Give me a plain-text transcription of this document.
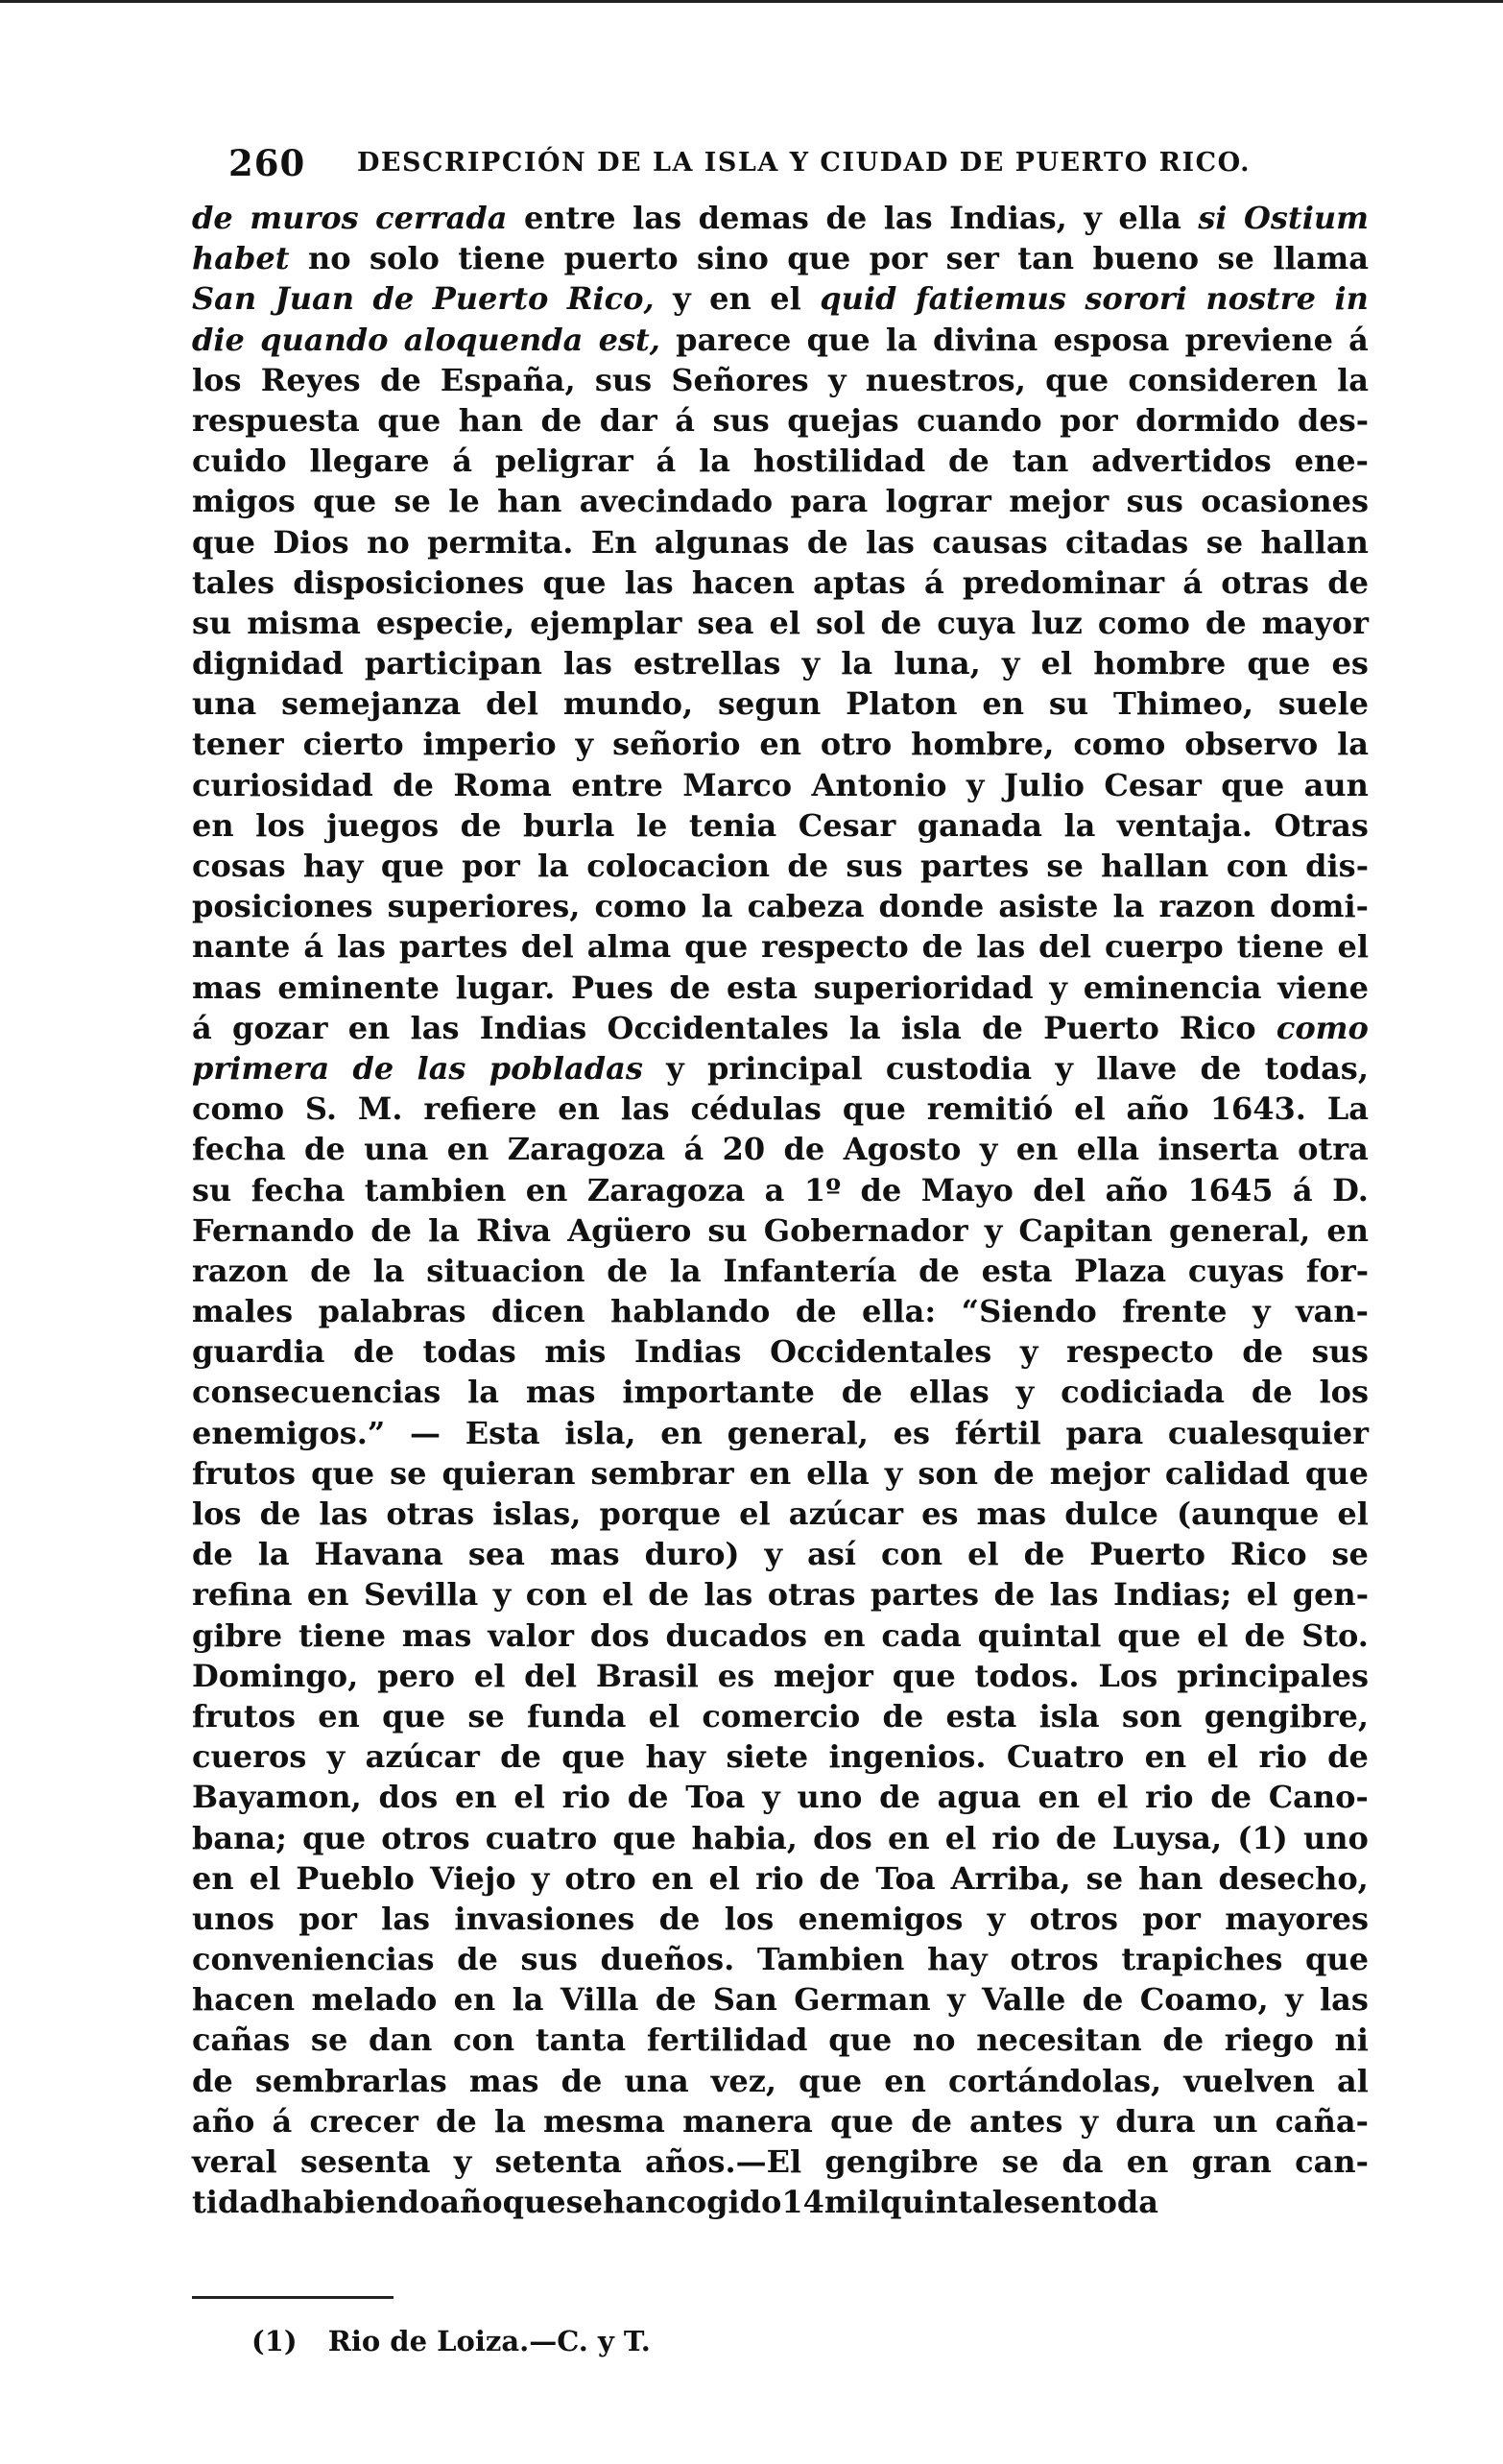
260 DESCRIPCIÓN DE LA ISLA Y CIUDAD DE PUERTO RICO.
de muros cerrada entre las demas de las Indias, y ella si Ostium
habet no solo tiene puerto sino que por ser tan bueno se llama
San Juan de Puerto Rico, y en el quid fatiemus sorori nostre in
die quando aloquenda est, parece que la divina esposa previene á
los Reyes de España, sus Señores y nuestros, que consideren la
respuesta que han de dar á sus quejas cuando por dormido des-
cuido llegare á peligrar á la hostilidad de tan advertidos ene-
migos que se le han avecindado para lograr mejor sus ocasiones
que Dios no permita. En algunas de las causas citadas se hallan
tales disposiciones que las hacen aptas á predominar á otras de
su misma especie, ejemplar sea el sol de cuya luz como de mayor
dignidad participan las estrellas y la luna, y el hombre que es
una semejanza del mundo, segun Platon en su Thimeo, suele
tener cierto imperio y señorio en otro hombre, como observo la
curiosidad de Roma entre Marco Antonio y Julio Cesar que aun
en los juegos de burla le tenia Cesar ganada la ventaja. Otras
cosas hay que por la colocacion de sus partes se hallan con dis-
posiciones superiores, como la cabeza donde asiste la razon domi-
nante á las partes del alma que respecto de las del cuerpo tiene el
mas eminente lugar. Pues de esta superioridad y eminencia viene
á gozar en las Indias Occidentales la isla de Puerto Rico como
primera de las pobladas y principal custodia y llave de todas,
como S. M. refiere en las cédulas que remitió el año 1643. La
fecha de una en Zaragoza á 20 de Agosto y en ella inserta otra
su fecha tambien en Zaragoza a 1º de Mayo del año 1645 á D.
Fernando de la Riva Agüero su Gobernador y Capitan general, en
razon de la situacion de la Infantería de esta Plaza cuyas for-
males palabras dicen hablando de ella: “Siendo frente y van-
guardia de todas mis Indias Occidentales y respecto de sus
consecuencias la mas importante de ellas y codiciada de los
enemigos.” — Esta isla, en general, es fértil para cualesquier
frutos que se quieran sembrar en ella y son de mejor calidad que
los de las otras islas, porque el azúcar es mas dulce (aunque el
de la Havana sea mas duro) y así con el de Puerto Rico se
refina en Sevilla y con el de las otras partes de las Indias; el gen-
gibre tiene mas valor dos ducados en cada quintal que el de Sto.
Domingo, pero el del Brasil es mejor que todos. Los principales
frutos en que se funda el comercio de esta isla son gengibre,
cueros y azúcar de que hay siete ingenios. Cuatro en el rio de
Bayamon, dos en el rio de Toa y uno de agua en el rio de Cano-
bana; que otros cuatro que habia, dos en el rio de Luysa, (1) uno
en el Pueblo Viejo y otro en el rio de Toa Arriba, se han desecho,
unos por las invasiones de los enemigos y otros por mayores
conveniencias de sus dueños. Tambien hay otros trapiches que
hacen melado en la Villa de San German y Valle de Coamo, y las
cañas se dan con tanta fertilidad que no necesitan de riego ni
de sembrarlas mas de una vez, que en cortándolas, vuelven al
año á crecer de la mesma manera que de antes y dura un caña-
veral sesenta y setenta años.—El gengibre se da en gran can-
tidad habiendo año que se han cogido 14 mil quintales en toda
(1) Rio de Loiza.—C. y T.
